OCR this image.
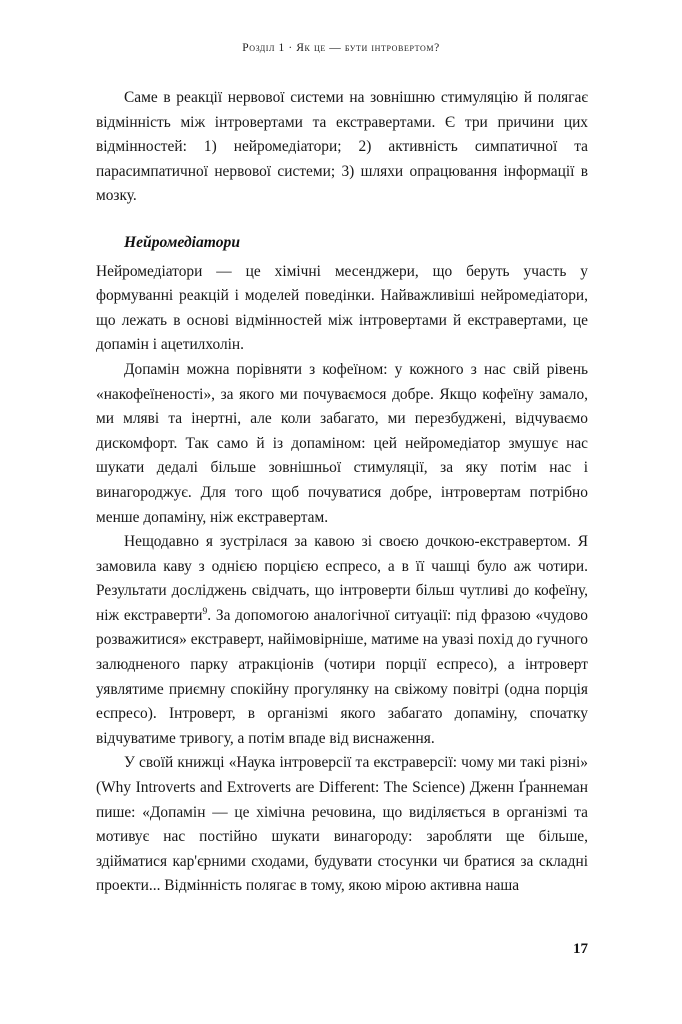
Розділ 1 · Як це — бути інтровертом?

Саме в реакції нервової системи на зовнішню стимуляцію й полягає відмінність між інтровертами та екстравертами. Є три причини цих відмінностей: 1) нейромедіатори; 2) активність симпатичної та парасимпатичної нервової системи; 3) шляхи опрацювання інформації в мозку.

Нейромедіатори

Нейромедіатори — це хімічні месенджери, що беруть участь у формуванні реакцій і моделей поведінки. Найважливіші нейромедіатори, що лежать в основі відмінностей між інтровертами й екстравертами, це допамін і ацетилхолін.

Допамін можна порівняти з кофеїном: у кожного з нас свій рівень «накофеїненості», за якого ми почуваємося добре. Якщо кофеїну замало, ми мляві та інертні, але коли забагато, ми перезбуджені, відчуваємо дискомфорт. Так само й із допаміном: цей нейромедіатор змушує нас шукати дедалі більше зовнішньої стимуляції, за яку потім нас і винагороджує. Для того щоб почуватися добре, інтровертам потрібно менше допаміну, ніж екстравертам.

Нещодавно я зустрілася за кавою зі своєю дочкою-екстравертом. Я замовила каву з однією порцією еспресо, а в її чашці було аж чотири. Результати досліджень свідчать, що інтроверти більш чутливі до кофеїну, ніж екстраверти$^9$. За допомогою аналогічної ситуації: під фразою «чудово розважитися» екстраверт, найімовірніше, матиме на увазі похід до гучного залюдненого парку атракціонів (чотири порції еспресо), а інтроверт уявлятиме приємну спокійну прогулянку на свіжому повітрі (одна порція еспресо). Інтроверт, в організмі якого забагато допаміну, спочатку відчуватиме тривогу, а потім впаде від виснаження.

У своїй книжці «Наука інтроверсії та екстраверсії: чому ми такі різні» (Why Introverts and Extroverts are Different: The Science) Дженн Ґраннеман пише: «Допамін — це хімічна речовина, що виділяється в організмі та мотивує нас постійно шукати винагороду: заробляти ще більше, здійматися кар'єрними сходами, будувати стосунки чи братися за складні проекти... Відмінність полягає в тому, якою мірою активна наша

17
